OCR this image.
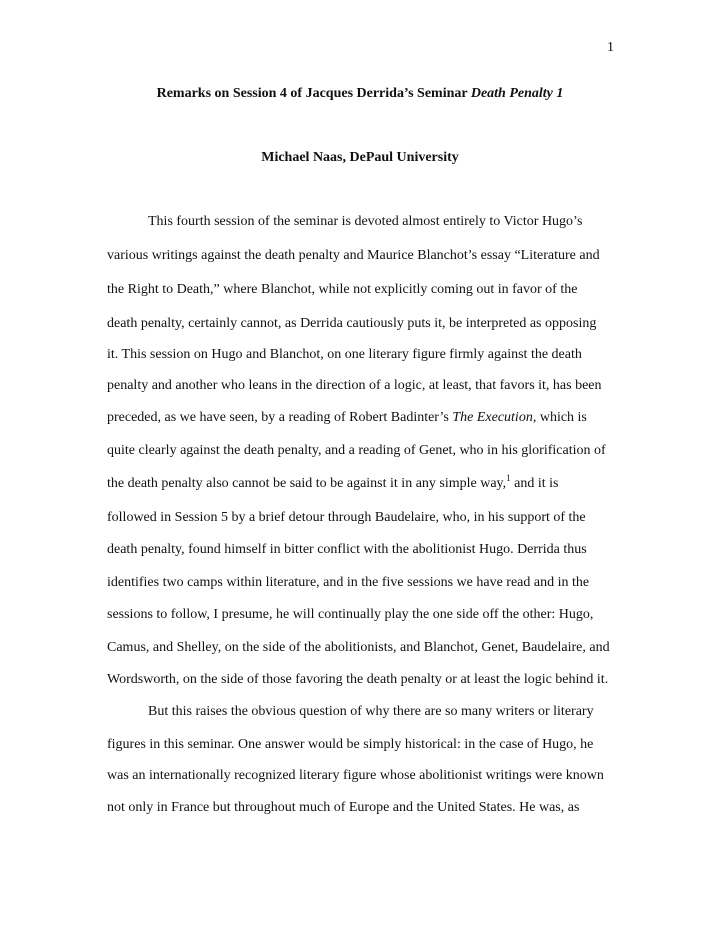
1
Remarks on Session 4 of Jacques Derrida’s Seminar Death Penalty 1
Michael Naas, DePaul University
This fourth session of the seminar is devoted almost entirely to Victor Hugo’s
various writings against the death penalty and Maurice Blanchot’s essay “Literature and
the Right to Death,” where Blanchot, while not explicitly coming out in favor of the
death penalty, certainly cannot, as Derrida cautiously puts it, be interpreted as opposing
it. This session on Hugo and Blanchot, on one literary figure firmly against the death
penalty and another who leans in the direction of a logic, at least, that favors it, has been
preceded, as we have seen, by a reading of Robert Badinter’s The Execution, which is
quite clearly against the death penalty, and a reading of Genet, who in his glorification of
the death penalty also cannot be said to be against it in any simple way,$^1$ and it is
followed in Session 5 by a brief detour through Baudelaire, who, in his support of the
death penalty, found himself in bitter conflict with the abolitionist Hugo. Derrida thus
identifies two camps within literature, and in the five sessions we have read and in the
sessions to follow, I presume, he will continually play the one side off the other: Hugo,
Camus, and Shelley, on the side of the abolitionists, and Blanchot, Genet, Baudelaire, and
Wordsworth, on the side of those favoring the death penalty or at least the logic behind it.
But this raises the obvious question of why there are so many writers or literary
figures in this seminar. One answer would be simply historical: in the case of Hugo, he
was an internationally recognized literary figure whose abolitionist writings were known
not only in France but throughout much of Europe and the United States. He was, as
